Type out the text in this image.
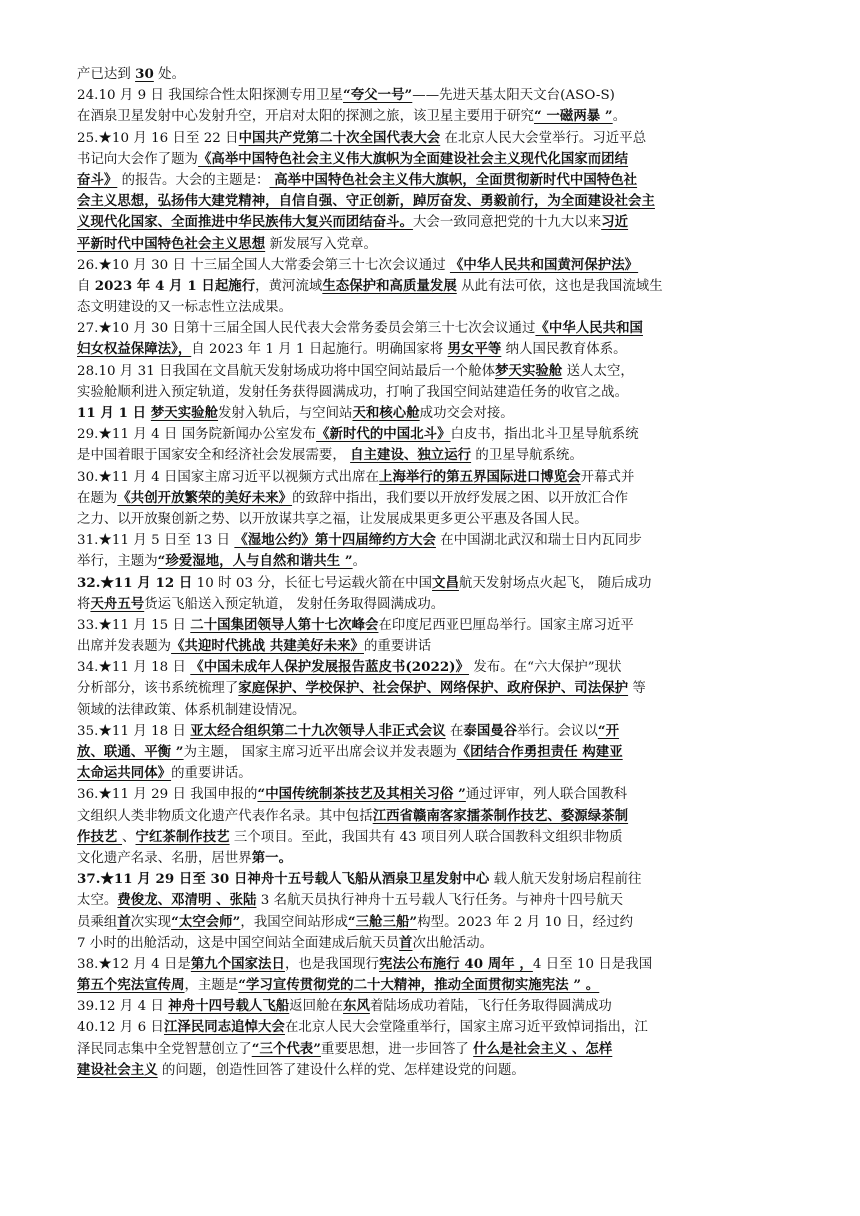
产已达到 30 处。
24.10 月 9 日 我国综合性太阳探测专用卫星“夸父一号”——先进天基太阳天文台(ASO-S)
在酒泉卫星发射中心发射升空，开启对太阳的探测之旅，该卫星主要用于研究“ 一磁两暴 ”。
25.★10 月 16 日至 22 日中国共产党第二十次全国代表大会 在北京人民大会堂举行。习近平总
书记向大会作了题为《高举中国特色社会主义伟大旗帜为全面建设社会主义现代化国家而团结
奋斗》 的报告。大会的主题是： 高举中国特色社会主义伟大旗帜，全面贯彻新时代中国特色社
会主义思想，弘扬伟大建党精神，自信自强、守正创新，踔厉奋发、勇毅前行，为全面建设社会主
义现代化国家、全面推进中华民族伟大复兴而团结奋斗。大会一致同意把党的十九大以来习近
平新时代中国特色社会主义思想 新发展写入党章。
26.★10 月 30 日 十三届全国人大常委会第三十七次会议通过 《中华人民共和国黄河保护法》
自 2023 年 4 月 1 日起施行，黄河流域生态保护和高质量发展 从此有法可依，这也是我国流域生
态文明建设的又一标志性立法成果。
27.★10 月 30 日第十三届全国人民代表大会常务委员会第三十七次会议通过《中华人民共和国
妇女权益保障法》，自 2023 年 1 月 1 日起施行。明确国家将 男女平等 纳人国民教育体系。
28.10 月 31 日我国在文昌航天发射场成功将中国空间站最后一个舱体梦天实验舱 送人太空，
实验舱顺利进入预定轨道，发射任务获得圆满成功，打响了我国空间站建造任务的收官之战。
11 月 1 日 梦天实验舱发射入轨后，与空间站天和核心舱成功交会对接。
29.★11 月 4 日 国务院新闻办公室发布《新时代的中国北斗》白皮书，指出北斗卫星导航系统
是中国着眼于国家安全和经济社会发展需要， 自主建设、独立运行 的卫星导航系统。
30.★11 月 4 日国家主席习近平以视频方式出席在上海举行的第五界国际进口博览会开幕式并
在题为《共创开放繁荣的美好未来》的致辞中指出，我们要以开放纾发展之困、以开放汇合作
之力、以开放聚创新之势、以开放谋共享之福，让发展成果更多更公平惠及各国人民。
31.★11 月 5 日至 13 日 《湿地公约》第十四届缔约方大会 在中国湖北武汉和瑞士日内瓦同步
举行，主题为“珍爱湿地，人与自然和谐共生 ”。
32.★11 月 12 日 10 时 03 分，长征七号运载火箭在中国文昌航天发射场点火起飞， 随后成功
将天舟五号货运飞船送入预定轨道， 发射任务取得圆满成功。
33.★11 月 15 日 二十国集团领导人第十七次峰会在印度尼西亚巴厘岛举行。国家主席习近平
出席并发表题为《共迎时代挑战 共建美好未来》的重要讲话
34.★11 月 18 日 《中国未成年人保护发展报告蓝皮书(2022)》 发布。在“六大保护”现状
分析部分，该书系统梳理了家庭保护、学校保护、社会保护、网络保护、政府保护、司法保护 等
领域的法律政策、体系机制建设情况。
35.★11 月 18 日 亚太经合组织第二十九次领导人非正式会议 在泰国曼谷举行。会议以“开
放、联通、平衡 ”为主题， 国家主席习近平出席会议并发表题为《团结合作勇担责任 构建亚
太命运共同体》的重要讲话。
36.★11 月 29 日 我国申报的“中国传统制茶技艺及其相关习俗 ”通过评审，列人联合国教科
文组织人类非物质文化遗产代表作名录。其中包括江西省赣南客家擂茶制作技艺、婺源绿茶制
作技艺 、宁红茶制作技艺 三个项目。至此，我国共有 43 项目列人联合国教科文组织非物质
文化遗产名录、名册，居世界第一。
37.★11 月 29 日至 30 日神舟十五号载人飞船从酒泉卫星发射中心 载人航天发射场启程前往
太空。费俊龙、邓清明 、张陆 3 名航天员执行神舟十五号载人飞行任务。与神舟十四号航天
员乘组首次实现“太空会师”，我国空间站形成“三舱三船”构型。2023 年 2 月 10 日，经过约
7 小时的出舱活动，这是中国空间站全面建成后航天员首次出舱活动。
38.★12 月 4 日是第九个国家法日，也是我国现行宪法公布施行 40 周年 ，4 日至 10 日是我国
第五个宪法宣传周，主题是“学习宣传贯彻党的二十大精神，推动全面贯彻实施宪法 ” 。
39.12 月 4 日 神舟十四号载人飞船返回舱在东风着陆场成功着陆，飞行任务取得圆满成功
40.12 月 6 日江泽民同志追悼大会在北京人民大会堂隆重举行，国家主席习近平致悼词指出，江
泽民同志集中全党智慧创立了“三个代表”重要思想，进一步回答了 什么是社会主义 、怎样
建设社会主义 的问题，创造性回答了建设什么样的党、怎样建设党的问题。
